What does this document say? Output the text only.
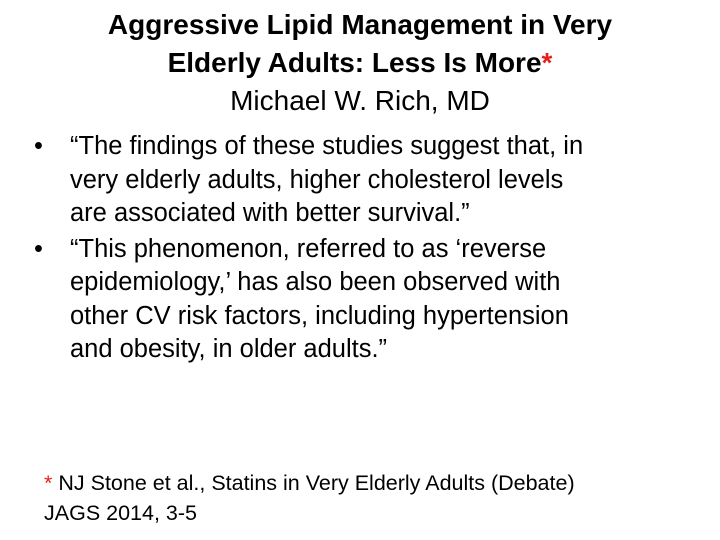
Aggressive Lipid Management in Very
Elderly Adults: Less Is More*
Michael W. Rich, MD
• “The findings of these studies suggest that, in
very elderly adults, higher cholesterol levels
are associated with better survival.”
• “This phenomenon, referred to as ‘reverse
epidemiology,’ has also been observed with
other CV risk factors, including hypertension
and obesity, in older adults.”
* NJ Stone et al., Statins in Very Elderly Adults (Debate)
JAGS 2014, 3-5
